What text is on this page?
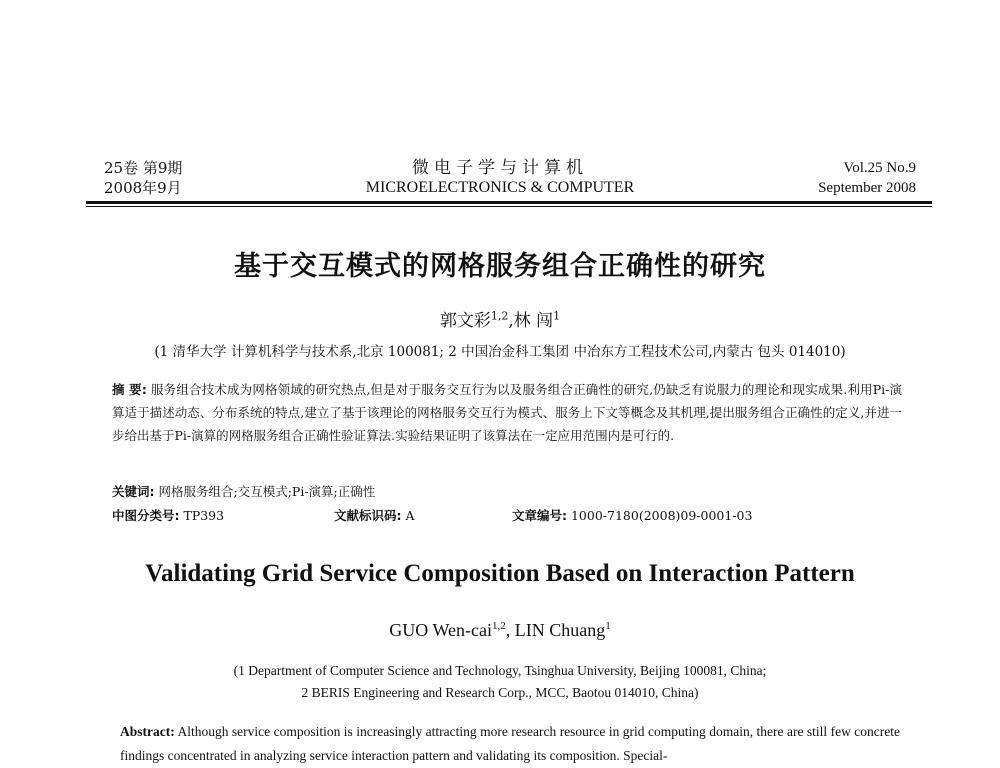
25卷 第9期
2008年9月
微电子学与计算机
MICROELECTRONICS & COMPUTER
Vol.25 No.9
September 2008
基于交互模式的网格服务组合正确性的研究
郭文彩$^{1,2}$,林 闯$^1$
(1 清华大学 计算机科学与技术系,北京 100081; 2 中国冶金科工集团 中冶东方工程技术公司,内蒙古 包头 014010)
摘 要: 服务组合技术成为网格领域的研究热点,但是对于服务交互行为以及服务组合正确性的研究,仍缺乏有说服力的理论和现实成果.利用Pi-演算适于描述动态、分布系统的特点,建立了基于该理论的网格服务交互行为模式、服务上下文等概念及其机理,提出服务组合正确性的定义,并进一步给出基于Pi-演算的网格服务组合正确性验证算法.实验结果证明了该算法在一定应用范围内是可行的.
关键词: 网格服务组合;交互模式;Pi-演算;正确性
中图分类号: TP393	文献标识码: A	文章编号: 1000-7180(2008)09-0001-03
Validating Grid Service Composition Based on Interaction Pattern
GUO Wen-cai$^{1,2}$, LIN Chuang$^1$
(1 Department of Computer Science and Technology, Tsinghua University, Beijing 100081, China;
2 BERIS Engineering and Research Corp., MCC, Baotou 014010, China)
Abstract: Although service composition is increasingly attracting more research resource in grid computing domain, there are still few concrete findings concentrated in analyzing service interaction pattern and validating its composition. Special-
